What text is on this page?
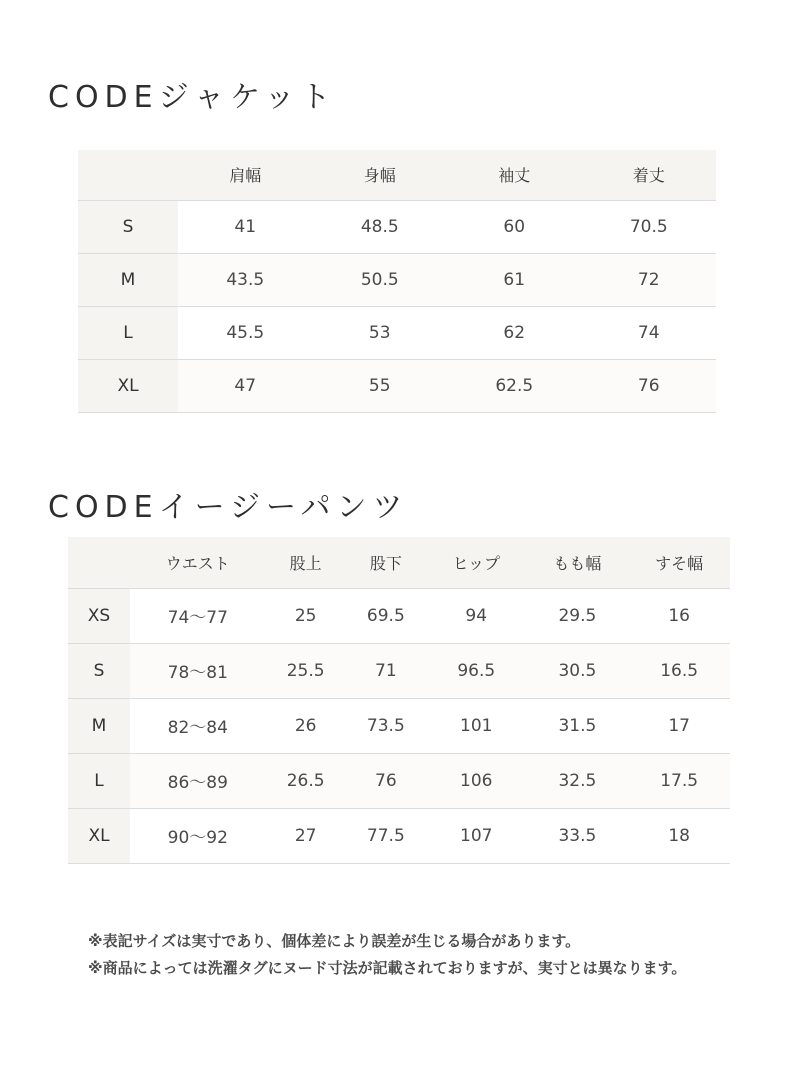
CODEジャケット
	肩幅	身幅	袖丈	着丈
S	41	48.5	60	70.5
M	43.5	50.5	61	72
L	45.5	53	62	74
XL	47	55	62.5	76
CODEイージーパンツ
	ウエスト	股上	股下	ヒップ	もも幅	すそ幅
XS	74〜77	25	69.5	94	29.5	16
S	78〜81	25.5	71	96.5	30.5	16.5
M	82〜84	26	73.5	101	31.5	17
L	86〜89	26.5	76	106	32.5	17.5
XL	90〜92	27	77.5	107	33.5	18

※表記サイズは実寸であり、個体差により誤差が生じる場合があります。

※商品によっては洗濯タグにヌード寸法が記載されておりますが、実寸とは異なります。
